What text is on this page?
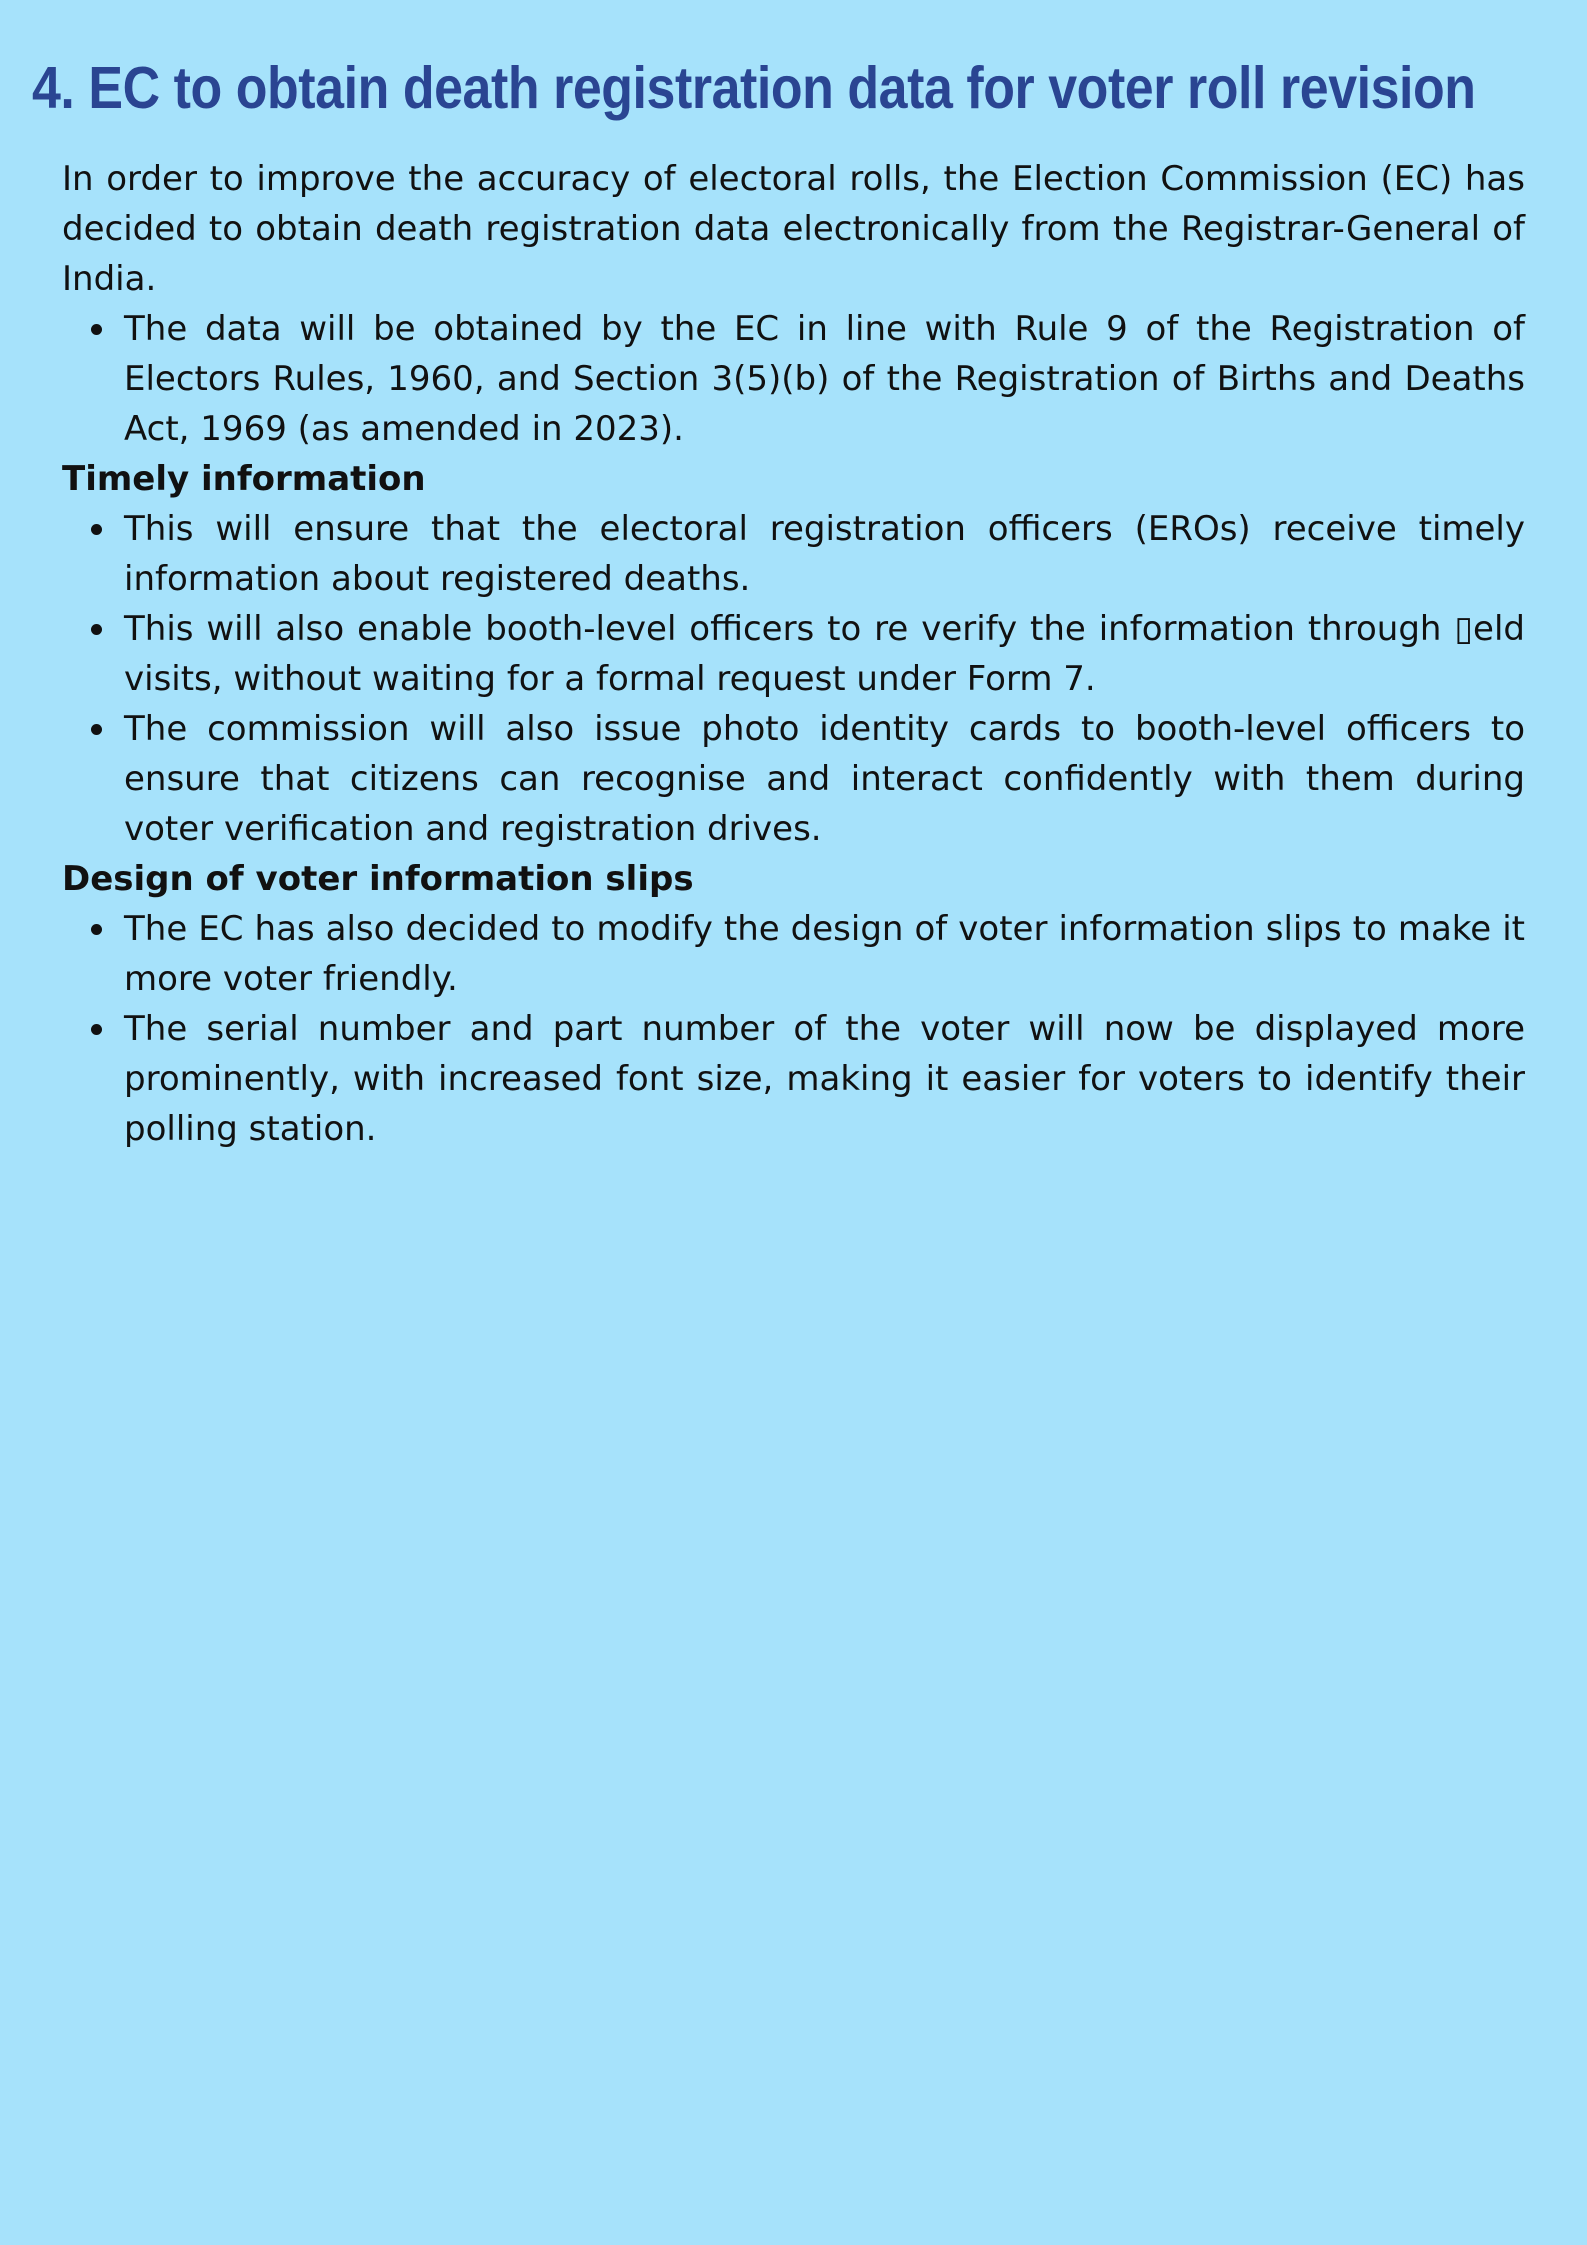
4. EC to obtain death registration data for voter roll revision

In order to improve the accuracy of electoral rolls, the Election Commission (EC) has decided to obtain death registration data electronically from the Registrar-General of India.

The data will be obtained by the EC in line with Rule 9 of the Registration of Electors Rules, 1960, and Section 3(5)(b) of the Registration of Births and Deaths Act, 1969 (as amended in 2023).
Timely information
This will ensure that the electoral registration officers (EROs) receive timely information about registered deaths.
This will also enable booth-level officers to re verify the information through ▯eld visits, without waiting for a formal request under Form 7.
The commission will also issue photo identity cards to booth-level officers to ensure that citizens can recognise and interact confidently with them during voter verification and registration drives.
Design of voter information slips
The EC has also decided to modify the design of voter information slips to make it more voter friendly.
The serial number and part number of the voter will now be displayed more prominently, with increased font size, making it easier for voters to identify their polling station.
